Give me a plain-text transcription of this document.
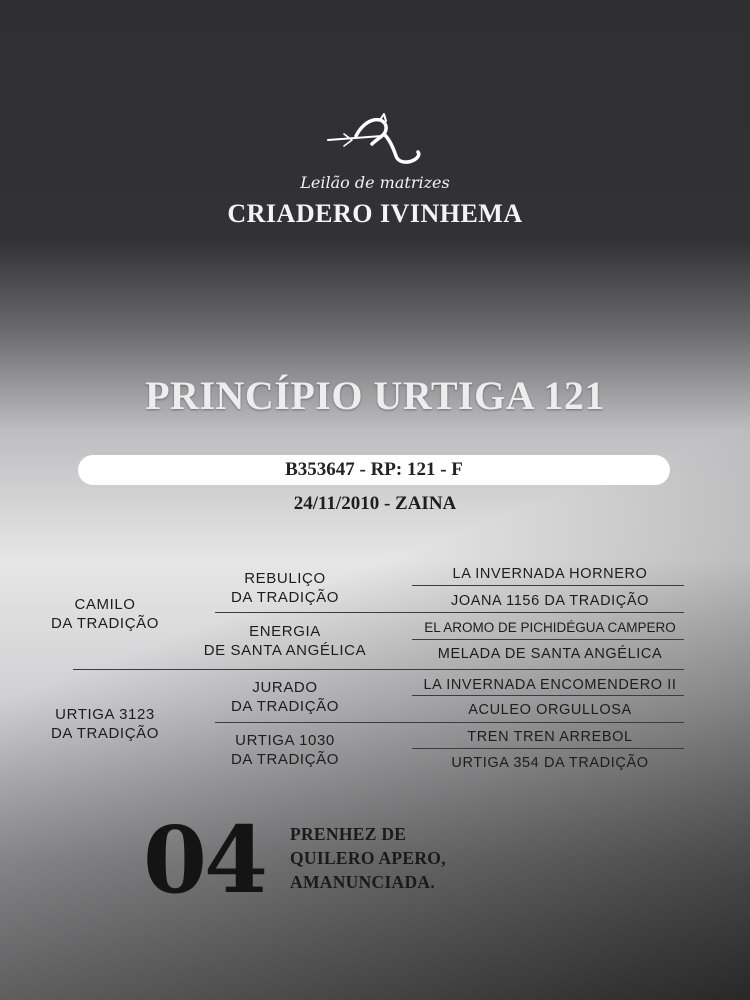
Leilão de matrizes
CRIADERO IVINHEMA
PRINCÍPIO URTIGA 121
B353647 - RP: 121 - F
24/11/2010 - ZAINA
CAMILO
DA TRADIÇÃO
REBULIÇO
DA TRADIÇÃO
ENERGIA
DE SANTA ANGÉLICA
LA INVERNADA HORNERO
JOANA 1156 DA TRADIÇÃO
EL AROMO DE PICHIDÉGUA CAMPERO
MELADA DE SANTA ANGÉLICA
URTIGA 3123
DA TRADIÇÃO
JURADO
DA TRADIÇÃO
URTIGA 1030
DA TRADIÇÃO
LA INVERNADA ENCOMENDERO II
ACULEO ORGULLOSA
TREN TREN ARREBOL
URTIGA 354 DA TRADIÇÃO
04 PRENHEZ DE
QUILERO APERO,
AMANUNCIADA.
